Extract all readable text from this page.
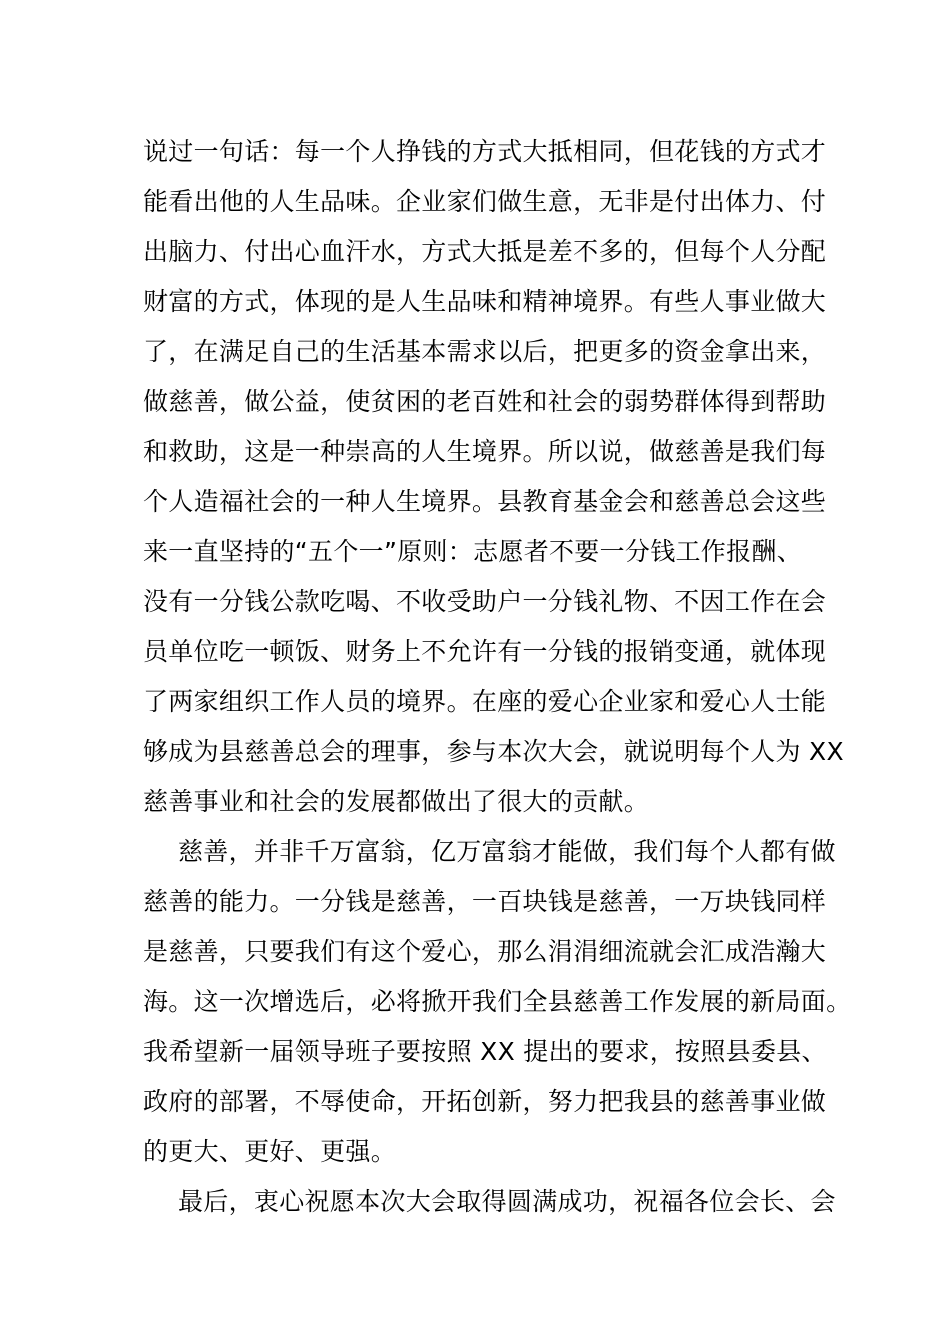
说过一句话：每一个人挣钱的方式大抵相同，但花钱的方式才
能看出他的人生品味。企业家们做生意，无非是付出体力、付
出脑力、付出心血汗水，方式大抵是差不多的，但每个人分配
财富的方式，体现的是人生品味和精神境界。有些人事业做大
了，在满足自己的生活基本需求以后，把更多的资金拿出来，
做慈善，做公益，使贫困的老百姓和社会的弱势群体得到帮助
和救助，这是一种崇高的人生境界。所以说，做慈善是我们每
个人造福社会的一种人生境界。县教育基金会和慈善总会这些
来一直坚持的“五个一”原则：志愿者不要一分钱工作报酬、
没有一分钱公款吃喝、不收受助户一分钱礼物、不因工作在会
员单位吃一顿饭、财务上不允许有一分钱的报销变通，就体现
了两家组织工作人员的境界。在座的爱心企业家和爱心人士能
够成为县慈善总会的理事，参与本次大会，就说明每个人为 XX
慈善事业和社会的发展都做出了很大的贡献。
慈善，并非千万富翁，亿万富翁才能做，我们每个人都有做
慈善的能力。一分钱是慈善，一百块钱是慈善，一万块钱同样
是慈善，只要我们有这个爱心，那么涓涓细流就会汇成浩瀚大
海。这一次增选后，必将掀开我们全县慈善工作发展的新局面。
我希望新一届领导班子要按照 XX 提出的要求，按照县委县、
政府的部署，不辱使命，开拓创新，努力把我县的慈善事业做
的更大、更好、更强。
最后，衷心祝愿本次大会取得圆满成功，祝福各位会长、会
